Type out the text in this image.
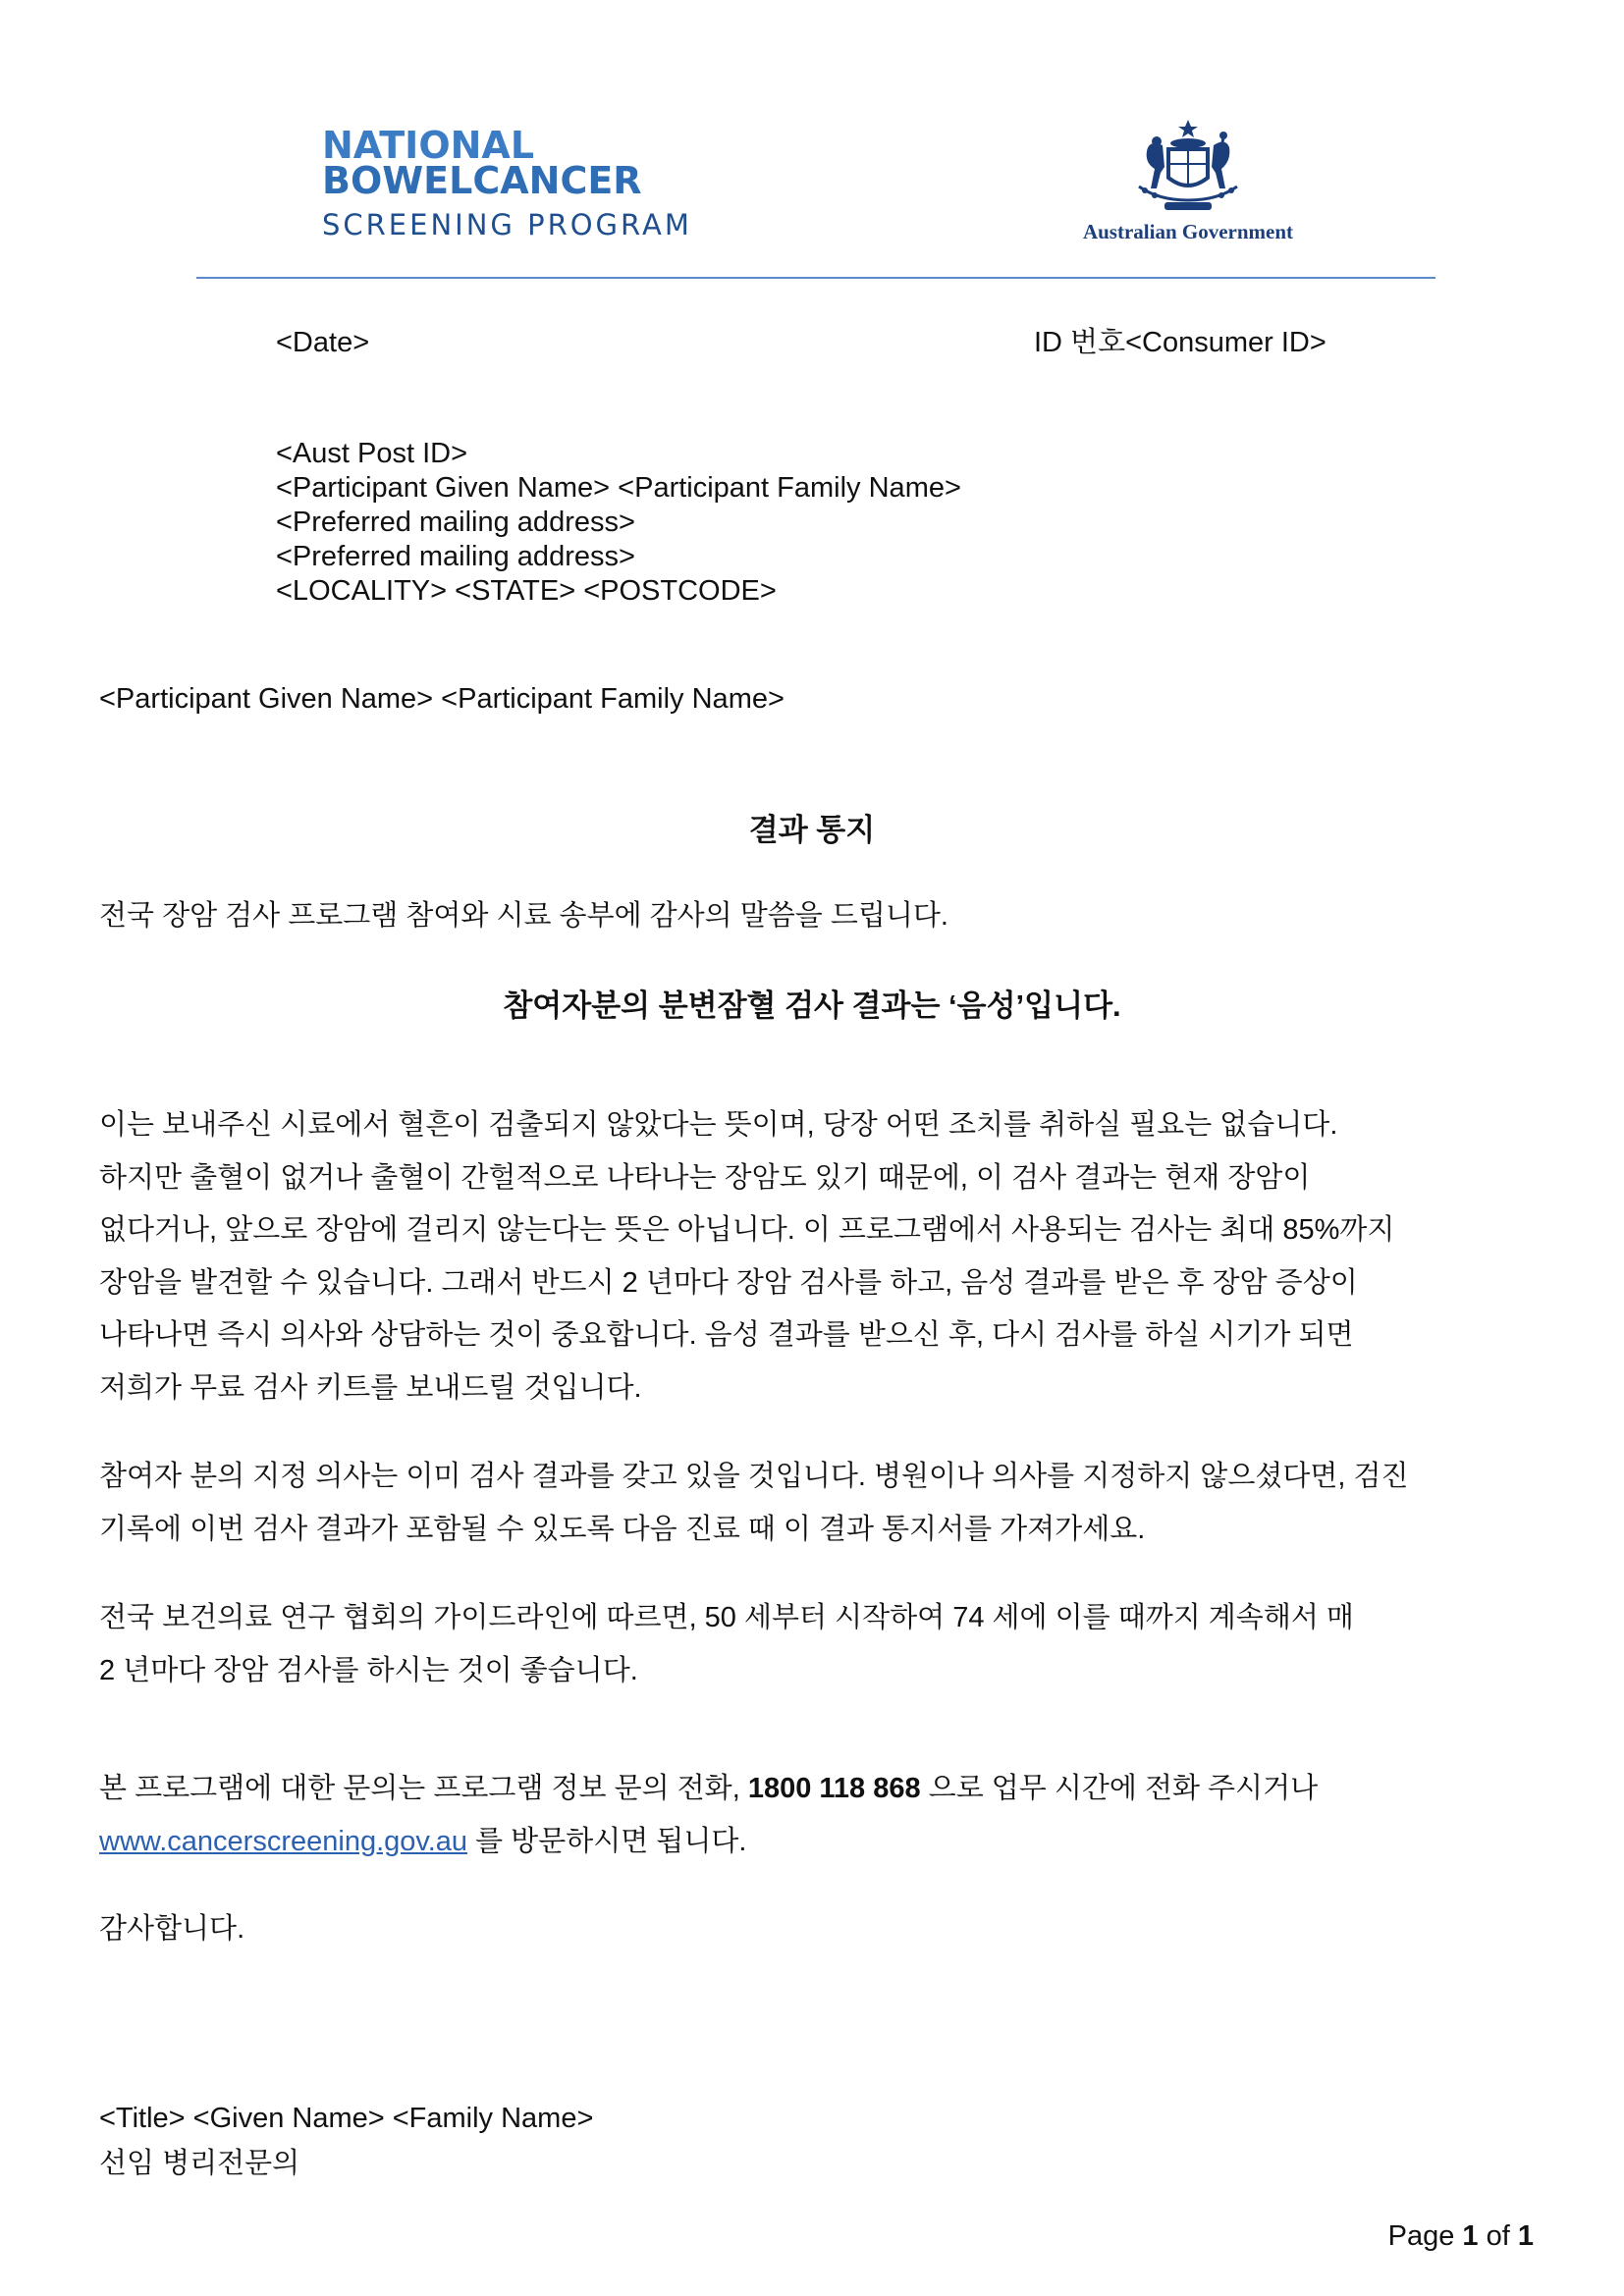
NATIONAL
BOWELCANCER
SCREENING PROGRAM	Australian Government
<Date>	ID 번호<Consumer ID>
<Aust Post ID>
<Participant Given Name> <Participant Family Name>
<Preferred mailing address>
<Preferred mailing address>
<LOCALITY> <STATE> <POSTCODE>
<Participant Given Name> <Participant Family Name>
결과 통지
전국 장암 검사 프로그램 참여와 시료 송부에 감사의 말씀을 드립니다.
참여자분의 분변잠혈 검사 결과는 ‘음성’입니다.
이는 보내주신 시료에서 혈흔이 검출되지 않았다는 뜻이며, 당장 어떤 조치를 취하실 필요는 없습니다.
하지만 출혈이 없거나 출혈이 간헐적으로 나타나는 장암도 있기 때문에, 이 검사 결과는 현재 장암이
없다거나, 앞으로 장암에 걸리지 않는다는 뜻은 아닙니다. 이 프로그램에서 사용되는 검사는 최대 85%까지
장암을 발견할 수 있습니다. 그래서 반드시 2 년마다 장암 검사를 하고, 음성 결과를 받은 후 장암 증상이
나타나면 즉시 의사와 상담하는 것이 중요합니다. 음성 결과를 받으신 후, 다시 검사를 하실 시기가 되면
저희가 무료 검사 키트를 보내드릴 것입니다.
참여자 분의 지정 의사는 이미 검사 결과를 갖고 있을 것입니다. 병원이나 의사를 지정하지 않으셨다면, 검진
기록에 이번 검사 결과가 포함될 수 있도록 다음 진료 때 이 결과 통지서를 가져가세요.
전국 보건의료 연구 협회의 가이드라인에 따르면, 50 세부터 시작하여 74 세에 이를 때까지 계속해서 매
2 년마다 장암 검사를 하시는 것이 좋습니다.
본 프로그램에 대한 문의는 프로그램 정보 문의 전화, 1800 118 868 으로 업무 시간에 전화 주시거나
www.cancerscreening.gov.au 를 방문하시면 됩니다.
감사합니다.
<Title> <Given Name> <Family Name>
선임 병리전문의
Page 1 of 1
